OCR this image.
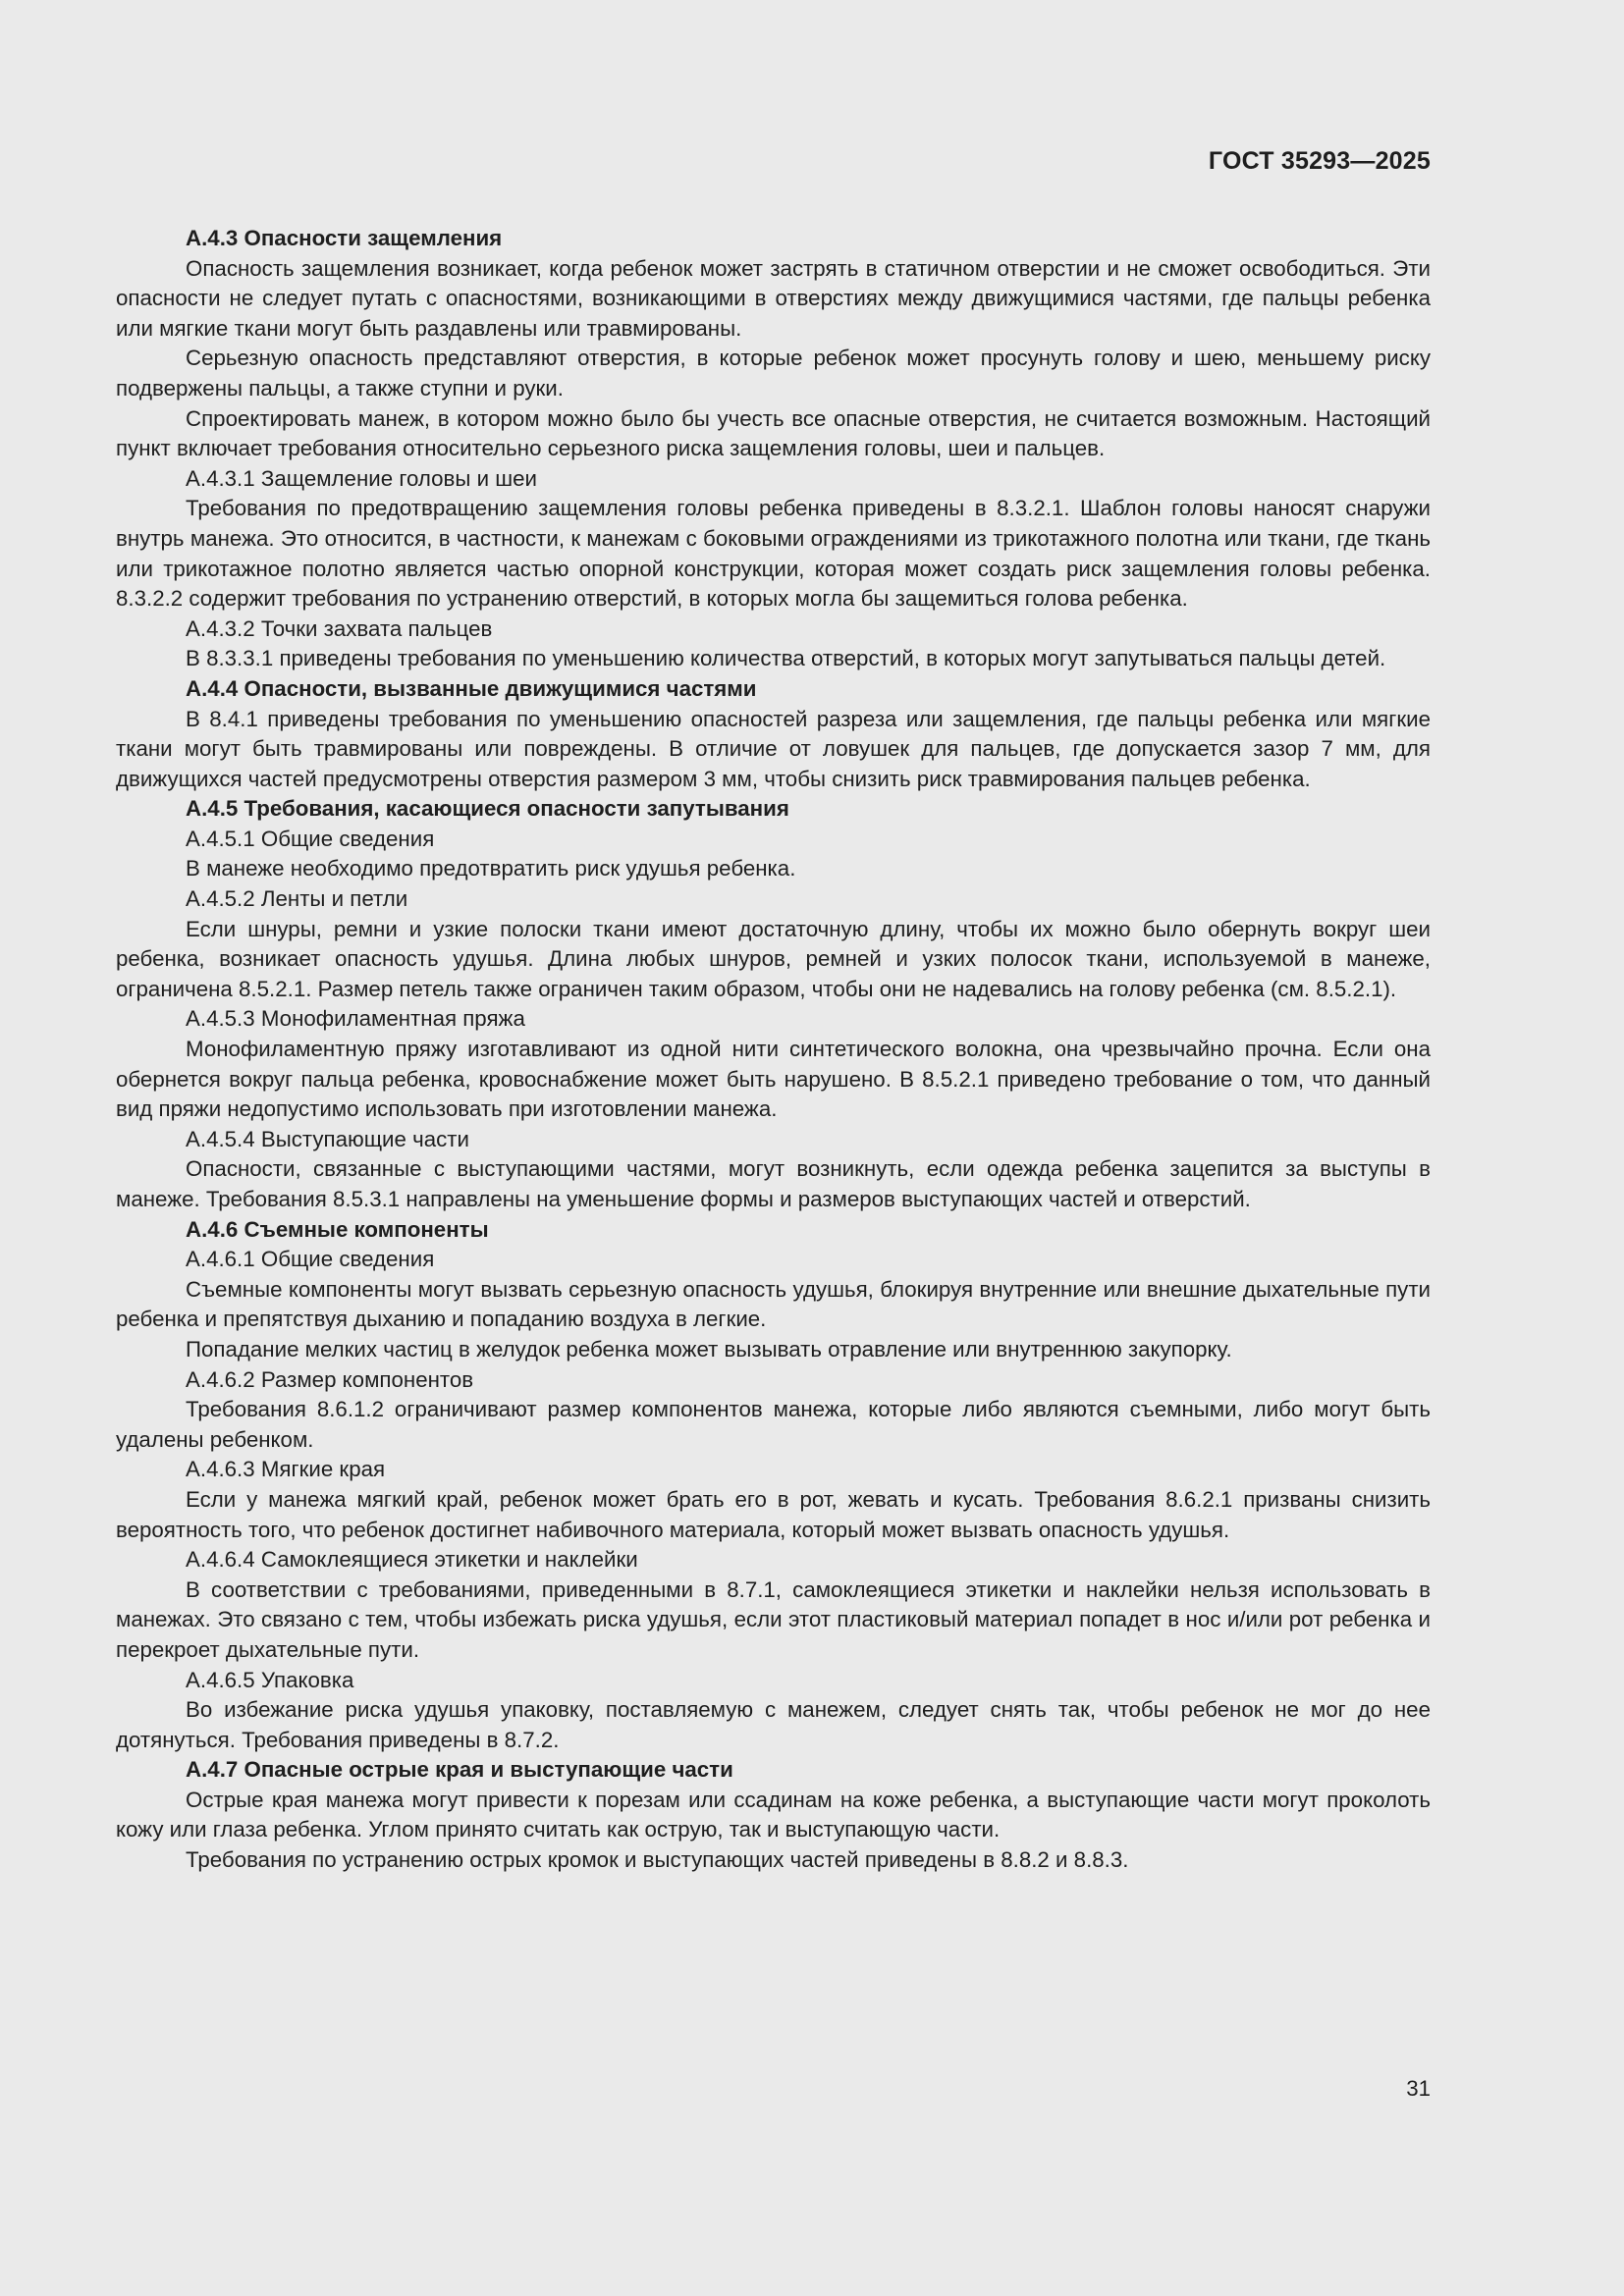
ГОСТ 35293—2025

А.4.3 Опасности защемления

Опасность защемления возникает, когда ребенок может застрять в статичном отверстии и не сможет освободиться. Эти опасности не следует путать с опасностями, возникающими в отверстиях между движущимися частями, где пальцы ребенка или мягкие ткани могут быть раздавлены или травмированы.

Серьезную опасность представляют отверстия, в которые ребенок может просунуть голову и шею, меньшему риску подвержены пальцы, а также ступни и руки.

Спроектировать манеж, в котором можно было бы учесть все опасные отверстия, не считается возможным. Настоящий пункт включает требования относительно серьезного риска защемления головы, шеи и пальцев.

А.4.3.1 Защемление головы и шеи

Требования по предотвращению защемления головы ребенка приведены в 8.3.2.1. Шаблон головы наносят снаружи внутрь манежа. Это относится, в частности, к манежам с боковыми ограждениями из трикотажного полотна или ткани, где ткань или трикотажное полотно является частью опорной конструкции, которая может создать риск защемления головы ребенка. 8.3.2.2 содержит требования по устранению отверстий, в которых могла бы защемиться голова ребенка.

А.4.3.2 Точки захвата пальцев

В 8.3.3.1 приведены требования по уменьшению количества отверстий, в которых могут запутываться пальцы детей.

А.4.4 Опасности, вызванные движущимися частями

В 8.4.1 приведены требования по уменьшению опасностей разреза или защемления, где пальцы ребенка или мягкие ткани могут быть травмированы или повреждены. В отличие от ловушек для пальцев, где допускается зазор 7 мм, для движущихся частей предусмотрены отверстия размером 3 мм, чтобы снизить риск травмирования пальцев ребенка.

А.4.5 Требования, касающиеся опасности запутывания

А.4.5.1 Общие сведения

В манеже необходимо предотвратить риск удушья ребенка.

А.4.5.2 Ленты и петли

Если шнуры, ремни и узкие полоски ткани имеют достаточную длину, чтобы их можно было обернуть вокруг шеи ребенка, возникает опасность удушья. Длина любых шнуров, ремней и узких полосок ткани, используемой в манеже, ограничена 8.5.2.1. Размер петель также ограничен таким образом, чтобы они не надевались на голову ребенка (см. 8.5.2.1).

А.4.5.3 Монофиламентная пряжа

Монофиламентную пряжу изготавливают из одной нити синтетического волокна, она чрезвычайно прочна. Если она обернется вокруг пальца ребенка, кровоснабжение может быть нарушено. В 8.5.2.1 приведено требование о том, что данный вид пряжи недопустимо использовать при изготовлении манежа.

А.4.5.4 Выступающие части

Опасности, связанные с выступающими частями, могут возникнуть, если одежда ребенка зацепится за выступы в манеже. Требования 8.5.3.1 направлены на уменьшение формы и размеров выступающих частей и отверстий.

А.4.6 Съемные компоненты

А.4.6.1 Общие сведения

Съемные компоненты могут вызвать серьезную опасность удушья, блокируя внутренние или внешние дыхательные пути ребенка и препятствуя дыханию и попаданию воздуха в легкие.

Попадание мелких частиц в желудок ребенка может вызывать отравление или внутреннюю закупорку.

А.4.6.2 Размер компонентов

Требования 8.6.1.2 ограничивают размер компонентов манежа, которые либо являются съемными, либо могут быть удалены ребенком.

А.4.6.3 Мягкие края

Если у манежа мягкий край, ребенок может брать его в рот, жевать и кусать. Требования 8.6.2.1 призваны снизить вероятность того, что ребенок достигнет набивочного материала, который может вызвать опасность удушья.

А.4.6.4 Самоклеящиеся этикетки и наклейки

В соответствии с требованиями, приведенными в 8.7.1, самоклеящиеся этикетки и наклейки нельзя использовать в манежах. Это связано с тем, чтобы избежать риска удушья, если этот пластиковый материал попадет в нос и/или рот ребенка и перекроет дыхательные пути.

А.4.6.5 Упаковка

Во избежание риска удушья упаковку, поставляемую с манежем, следует снять так, чтобы ребенок не мог до нее дотянуться. Требования приведены в 8.7.2.

А.4.7 Опасные острые края и выступающие части

Острые края манежа могут привести к порезам или ссадинам на коже ребенка, а выступающие части могут проколоть кожу или глаза ребенка. Углом принято считать как острую, так и выступающую части.

Требования по устранению острых кромок и выступающих частей приведены в 8.8.2 и 8.8.3.

31
